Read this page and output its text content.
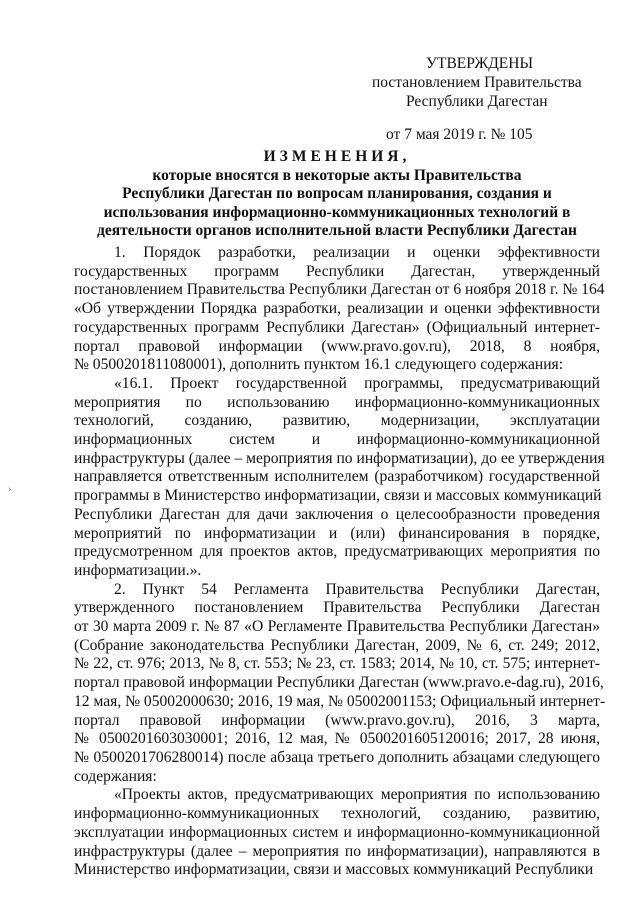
УТВЕРЖДЕНЫ
постановлением Правительства
Республики Дагестан
от 7 мая 2019 г. № 105
ИЗМЕНЕНИЯ,
которые вносятся в некоторые акты Правительства
Республики Дагестан по вопросам планирования, создания и
использования информационно-коммуникационных технологий в
деятельности органов исполнительной власти Республики Дагестан
1. Порядок разработки, реализации и оценки эффективности
государственных программ Республики Дагестан, утвержденный
постановлением Правительства Республики Дагестан от 6 ноября 2018 г. № 164
«Об утверждении Порядка разработки, реализации и оценки эффективности
государственных программ Республики Дагестан» (Официальный интернет-
портал правовой информации (www.pravo.gov.ru), 2018, 8 ноября,
№ 0500201811080001), дополнить пунктом 16.1 следующего содержания:
«16.1. Проект государственной программы, предусматривающий
мероприятия по использованию информационно-коммуникационных
технологий, созданию, развитию, модернизации, эксплуатации
информационных систем и информационно-коммуникационной
инфраструктуры (далее – мероприятия по информатизации), до ее утверждения
направляется ответственным исполнителем (разработчиком) государственной
программы в Министерство информатизации, связи и массовых коммуникаций
Республики Дагестан для дачи заключения о целесообразности проведения
мероприятий по информатизации и (или) финансирования в порядке,
предусмотренном для проектов актов, предусматривающих мероприятия по
информатизации.».
2. Пункт 54 Регламента Правительства Республики Дагестан,
утвержденного постановлением Правительства Республики Дагестан
от 30 марта 2009 г. № 87 «О Регламенте Правительства Республики Дагестан»
(Собрание законодательства Республики Дагестан, 2009, № 6, ст. 249; 2012,
№ 22, ст. 976; 2013, № 8, ст. 553; № 23, ст. 1583; 2014, № 10, ст. 575; интернет-
портал правовой информации Республики Дагестан (www.pravo.e-dag.ru), 2016,
12 мая, № 05002000630; 2016, 19 мая, № 05002001153; Официальный интернет-
портал правовой информации (www.pravo.gov.ru), 2016, 3 марта,
№ 0500201603030001; 2016, 12 мая, № 0500201605120016; 2017, 28 июня,
№ 0500201706280014) после абзаца третьего дополнить абзацами следующего
содержания:
«Проекты актов, предусматривающих мероприятия по использованию
информационно-коммуникационных технологий, созданию, развитию,
эксплуатации информационных систем и информационно-коммуникационной
инфраструктуры (далее – мероприятия по информатизации), направляются в
Министерство информатизации, связи и массовых коммуникаций Республики
›
